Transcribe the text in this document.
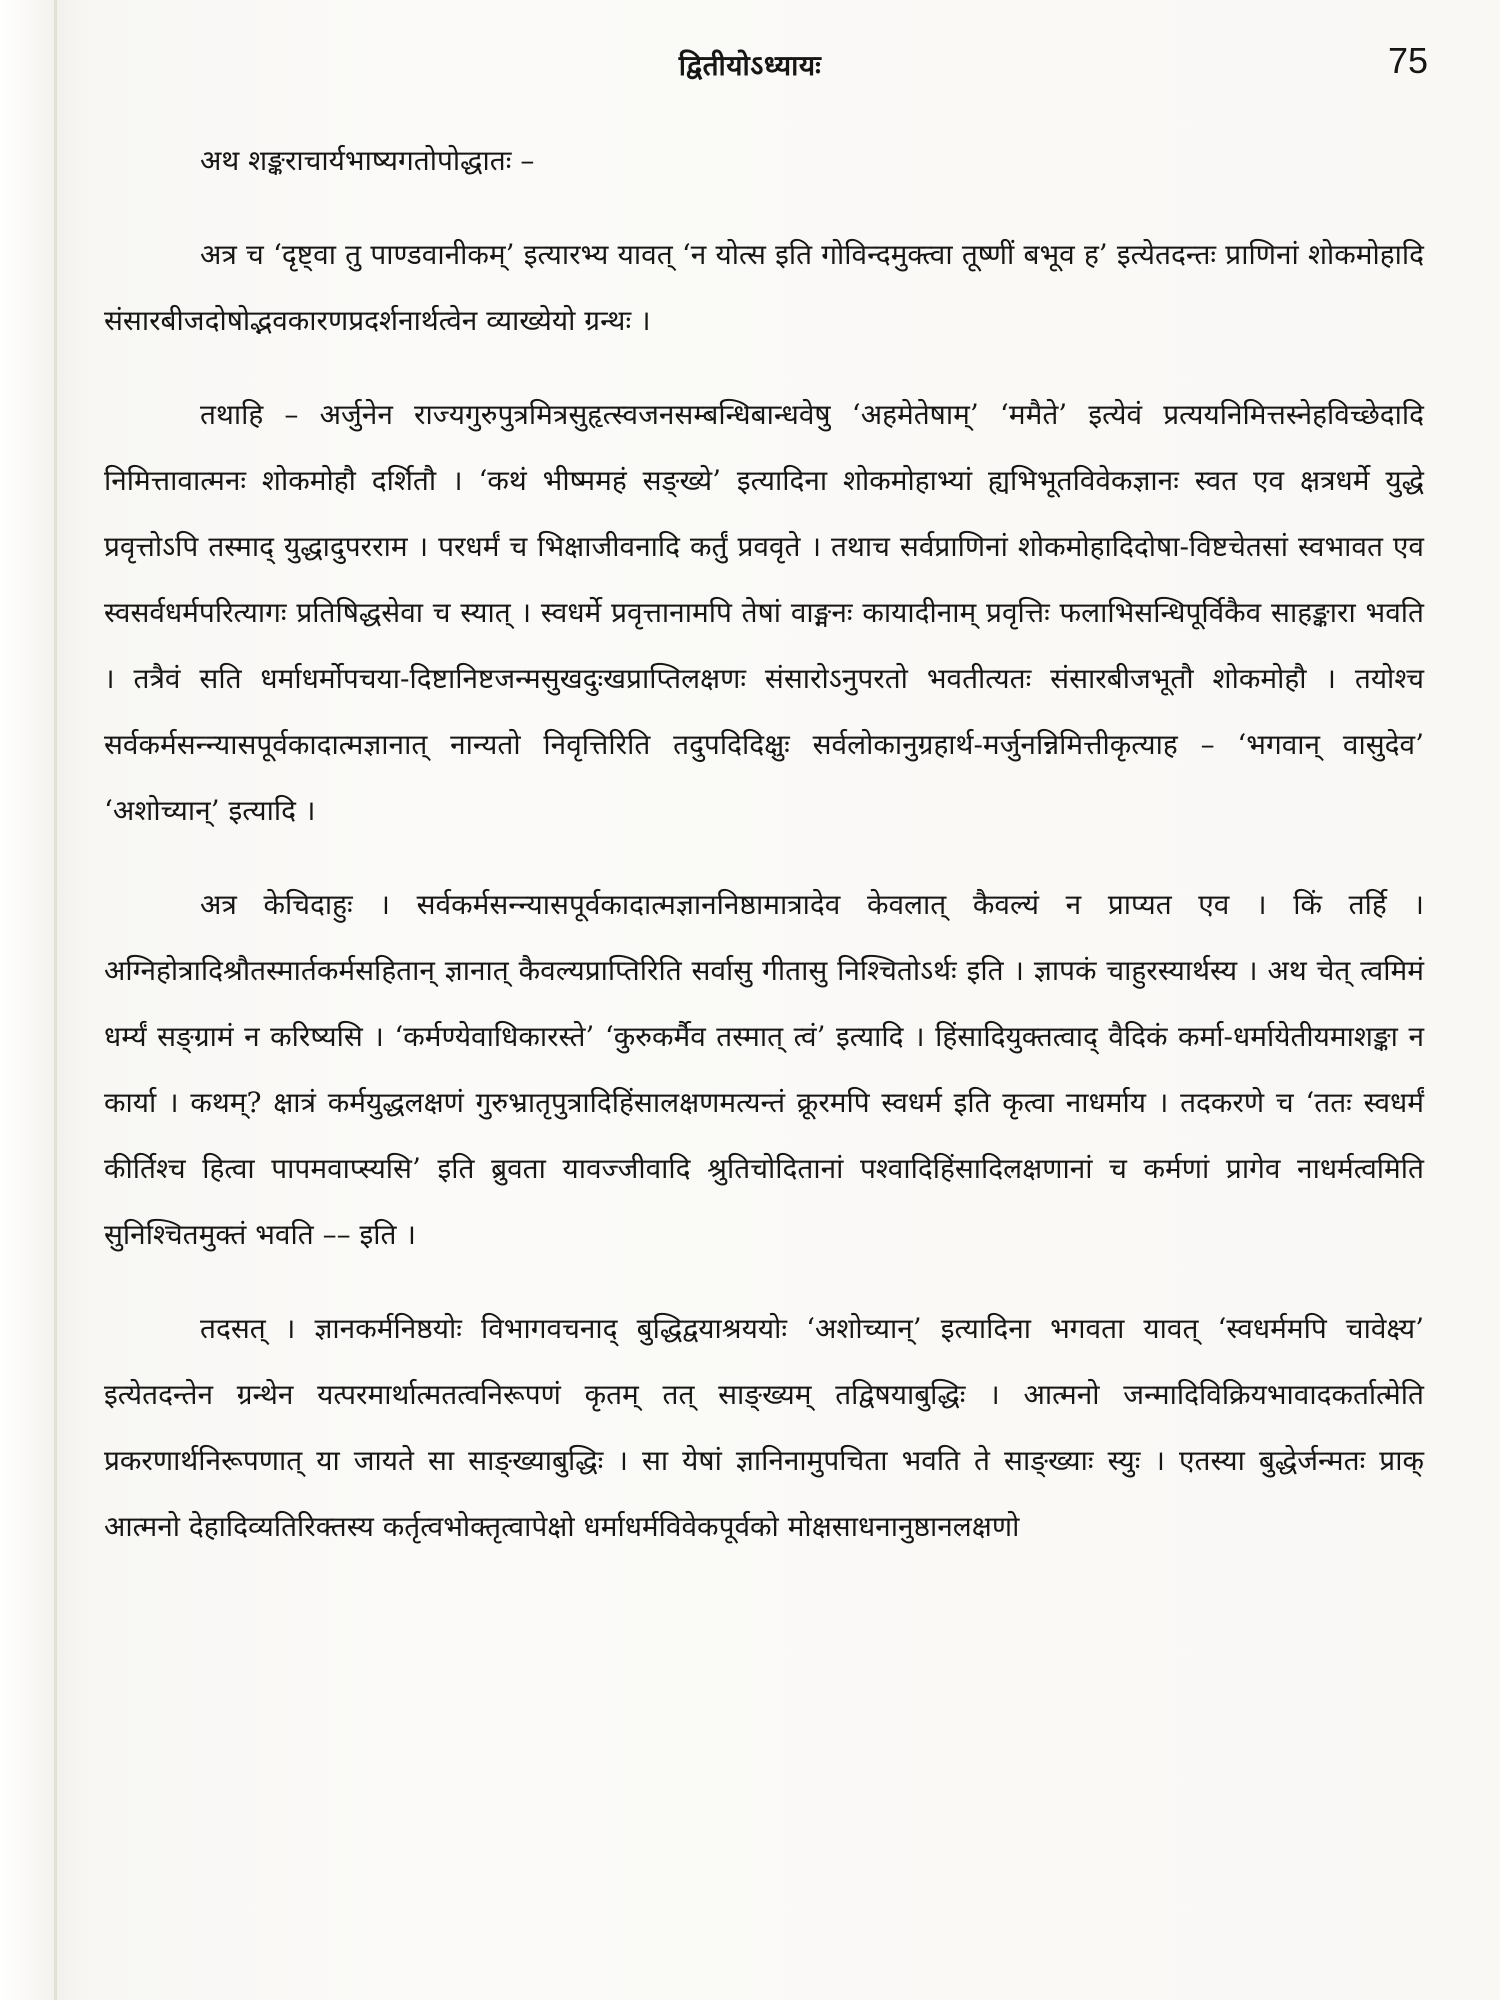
द्वितीयोऽध्यायः	75

अथ शङ्कराचार्यभाष्यगतोपोद्धातः –

अत्र च ‘दृष्ट्वा तु पाण्डवानीकम्’ इत्यारभ्य यावत् ‘न योत्स इति गोविन्दमुक्त्वा तूष्णीं बभूव ह’ इत्येतदन्तः प्राणिनां शोकमोहादि संसारबीजदोषोद्भवकारणप्रदर्शनार्थत्वेन व्याख्येयो ग्रन्थः ।

तथाहि – अर्जुनेन राज्यगुरुपुत्रमित्रसुहृत्स्वजनसम्बन्धिबान्धवेषु ‘अहमेतेषाम्’ ‘ममैते’ इत्येवं प्रत्ययनिमित्तस्नेहविच्छेदादि निमित्तावात्मनः शोकमोहौ दर्शितौ । ‘कथं भीष्ममहं सङ्ख्ये’ इत्यादिना शोकमोहाभ्यां ह्यभिभूतविवेकज्ञानः स्वत एव क्षत्रधर्मे युद्धे प्रवृत्तोऽपि तस्माद् युद्धादुपरराम । परधर्मं च भिक्षाजीवनादि कर्तुं प्रववृते । तथाच सर्वप्राणिनां शोकमोहादिदोषा-विष्टचेतसां स्वभावत एव स्वसर्वधर्मपरित्यागः प्रतिषिद्धसेवा च स्यात् । स्वधर्मे प्रवृत्तानामपि तेषां वाङ्मनः कायादीनाम् प्रवृत्तिः फलाभिसन्धिपूर्विकैव साहङ्कारा भवति । तत्रैवं सति धर्माधर्मोपचया-दिष्टानिष्टजन्मसुखदुःखप्राप्तिलक्षणः संसारोऽनुपरतो भवतीत्यतः संसारबीजभूतौ शोकमोहौ । तयोश्च सर्वकर्मसन्न्यासपूर्वकादात्मज्ञानात् नान्यतो निवृत्तिरिति तदुपदिदिक्षुः सर्वलोकानुग्रहार्थ-मर्जुनन्निमित्तीकृत्याह – ‘भगवान् वासुदेव’ ‘अशोच्यान्’ इत्यादि ।

अत्र केचिदाहुः । सर्वकर्मसन्न्यासपूर्वकादात्मज्ञाननिष्ठामात्रादेव केवलात् कैवल्यं न प्राप्यत एव । किं तर्हि । अग्निहोत्रादिश्रौतस्मार्तकर्मसहितान् ज्ञानात् कैवल्यप्राप्तिरिति सर्वासु गीतासु निश्चितोऽर्थः इति । ज्ञापकं चाहुरस्यार्थस्य । अथ चेत् त्वमिमं धर्म्यं सङ्ग्रामं न करिष्यसि । ‘कर्मण्येवाधिकारस्ते’ ‘कुरुकर्मैव तस्मात् त्वं’ इत्यादि । हिंसादियुक्तत्वाद् वैदिकं कर्मा-धर्मायेतीयमाशङ्का न कार्या । कथम्? क्षात्रं कर्मयुद्धलक्षणं गुरुभ्रातृपुत्रादिहिंसालक्षणमत्यन्तं क्रूरमपि स्वधर्म इति कृत्वा नाधर्माय । तदकरणे च ‘ततः स्वधर्मं कीर्तिश्च हित्वा पापमवाप्स्यसि’ इति ब्रुवता यावज्जीवादि श्रुतिचोदितानां पश्वादिहिंसादिलक्षणानां च कर्मणां प्रागेव नाधर्मत्वमिति सुनिश्चितमुक्तं भवति –– इति ।

तदसत् । ज्ञानकर्मनिष्ठयोः विभागवचनाद् बुद्धिद्वयाश्रययोः ‘अशोच्यान्’ इत्यादिना भगवता यावत् ‘स्वधर्ममपि चावेक्ष्य’ इत्येतदन्तेन ग्रन्थेन यत्परमार्थात्मतत्वनिरूपणं कृतम् तत् साङ्ख्यम् तद्विषयाबुद्धिः । आत्मनो जन्मादिविक्रियभावादकर्तात्मेति प्रकरणार्थनिरूपणात् या जायते सा साङ्ख्याबुद्धिः । सा येषां ज्ञानिनामुपचिता भवति ते साङ्ख्याः स्युः । एतस्या बुद्धेर्जन्मतः प्राक् आत्मनो देहादिव्यतिरिक्तस्य कर्तृत्वभोक्तृत्वापेक्षो धर्माधर्मविवेकपूर्वको मोक्षसाधनानुष्ठानलक्षणो
